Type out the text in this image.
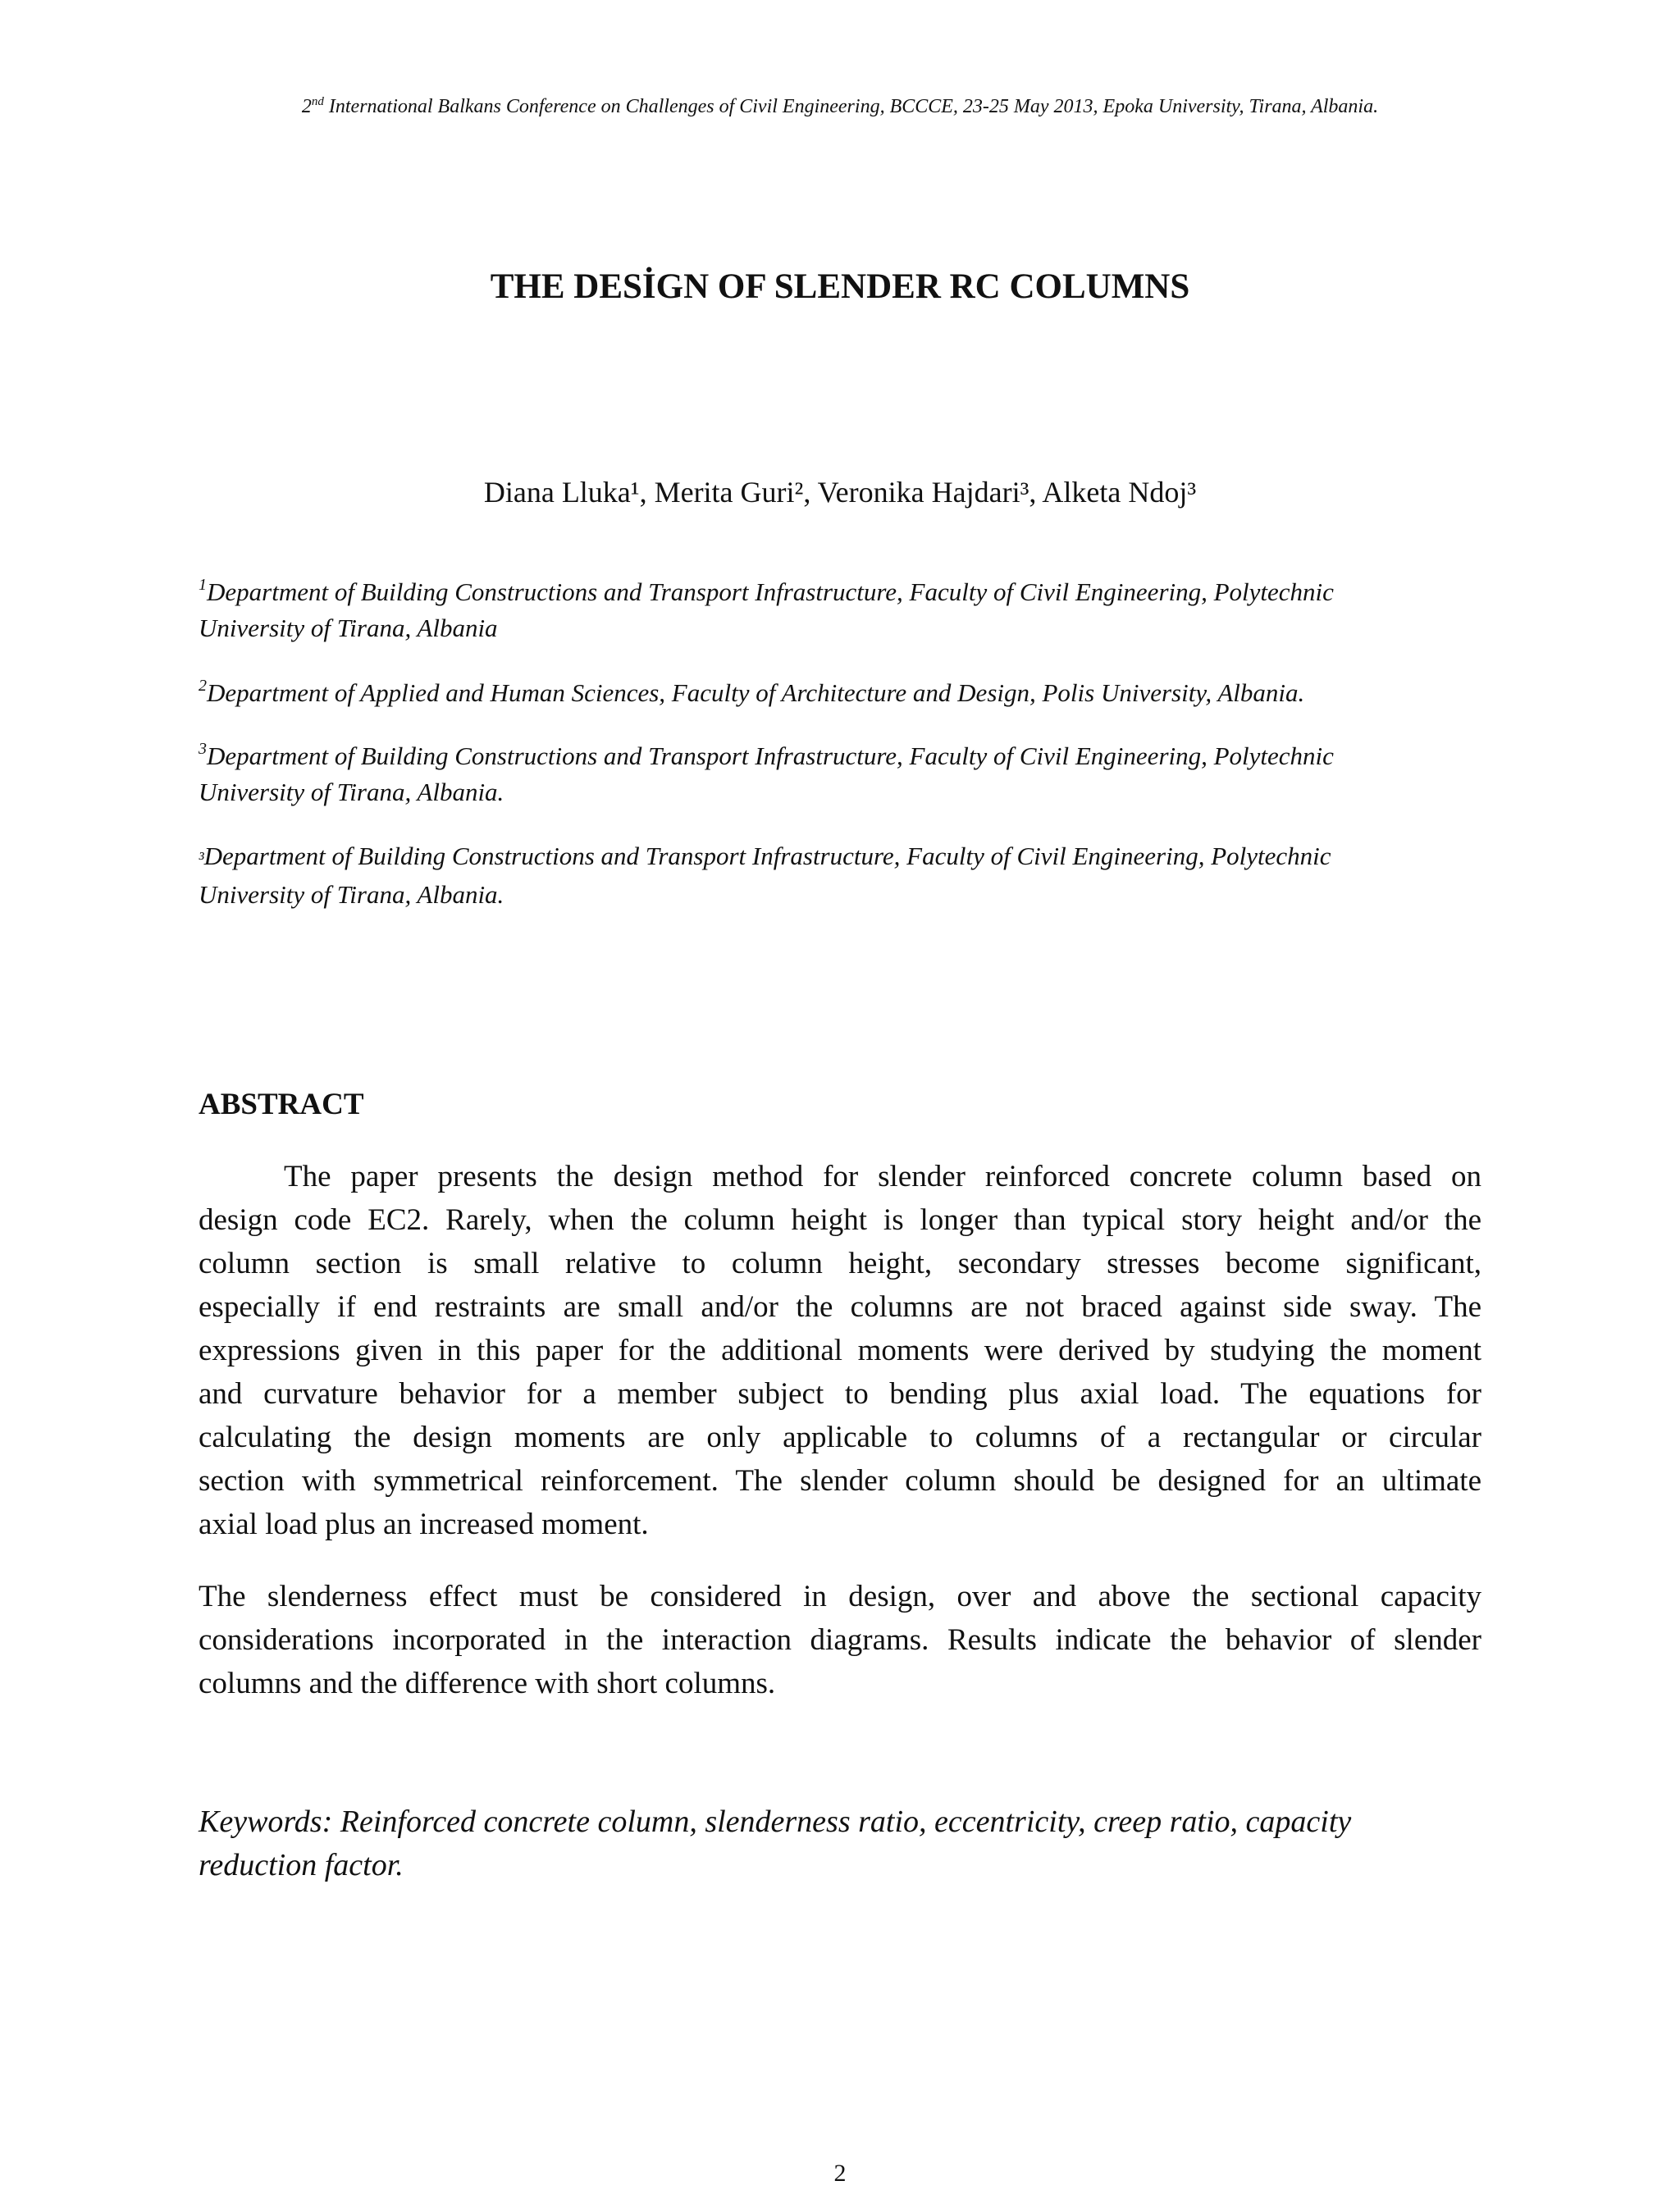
2nd International Balkans Conference on Challenges of Civil Engineering, BCCCE, 23-25 May 2013, Epoka University, Tirana, Albania.
THE DESİGN OF SLENDER RC COLUMNS
Diana Lluka¹, Merita Guri², Veronika Hajdari³, Alketa Ndoj³
$^1$Department of Building Constructions and Transport Infrastructure, Faculty of Civil Engineering, Polytechnic
University of Tirana, Albania
$^2$Department of Applied and Human Sciences, Faculty of Architecture and Design, Polis University, Albania.
$^3$Department of Building Constructions and Transport Infrastructure, Faculty of Civil Engineering, Polytechnic
University of Tirana, Albania.
³Department of Building Constructions and Transport Infrastructure, Faculty of Civil Engineering, Polytechnic
University of Tirana, Albania.
ABSTRACT
The paper presents the design method for slender reinforced concrete column based on
design code EC2. Rarely, when the column height is longer than typical story height and/or the
column section is small relative to column height, secondary stresses become significant,
especially if end restraints are small and/or the columns are not braced against side sway. The
expressions given in this paper for the additional moments were derived by studying the moment
and curvature behavior for a member subject to bending plus axial load. The equations for
calculating the design moments are only applicable to columns of a rectangular or circular
section with symmetrical reinforcement. The slender column should be designed for an ultimate
axial load plus an increased moment.
The slenderness effect must be considered in design, over and above the sectional capacity
considerations incorporated in the interaction diagrams. Results indicate the behavior of slender
columns and the difference with short columns.
Keywords: Reinforced concrete column, slenderness ratio, eccentricity, creep ratio, capacity
reduction factor.
2
